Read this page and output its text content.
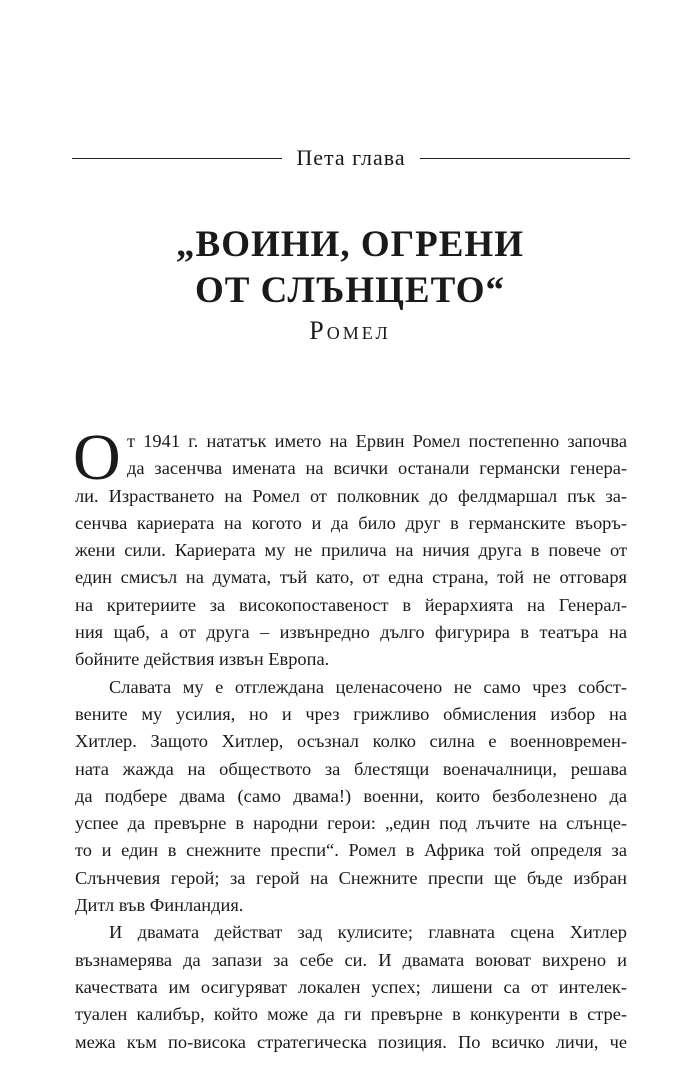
Пета глава
„ВОИНИ, ОГРЕНИ
ОТ СЛЪНЦЕТО“
Ромел
О т 1941 г. нататък името на Ервин Ромел постепенно започва
да засенчва имената на всички останали германски генера-
ли. Израстването на Ромел от полковник до фелдмаршал пък за-
сенчва кариерата на когото и да било друг в германските въоръ-
жени сили. Кариерата му не прилича на ничия друга в повече от
един смисъл на думата, тъй като, от една страна, той не отговаря
на критериите за високопоставеност в йерархията на Генерал-
ния щаб, а от друга – извънредно дълго фигурира в театъра на
бойните действия извън Европа.
Славата му е отглеждана целенасочено не само чрез собст-
вените му усилия, но и чрез грижливо обмисления избор на
Хитлер. Защото Хитлер, осъзнал колко силна е военновремен-
ната жажда на обществото за блестящи военачалници, решава
да подбере двама (само двама!) военни, които безболезнено да
успее да превърне в народни герои: „един под лъчите на слънце-
то и един в снежните преспи“. Ромел в Африка той определя за
Слънчевия герой; за герой на Снежните преспи ще бъде избран
Дитл във Финландия.
И двамата действат зад кулисите; главната сцена Хитлер
възнамерява да запази за себе си. И двамата воюват вихрено и
качествата им осигуряват локален успех; лишени са от интелек-
туален калибър, който може да ги превърне в конкуренти в стре-
межа към по-висока стратегическа позиция. По всичко личи, че
